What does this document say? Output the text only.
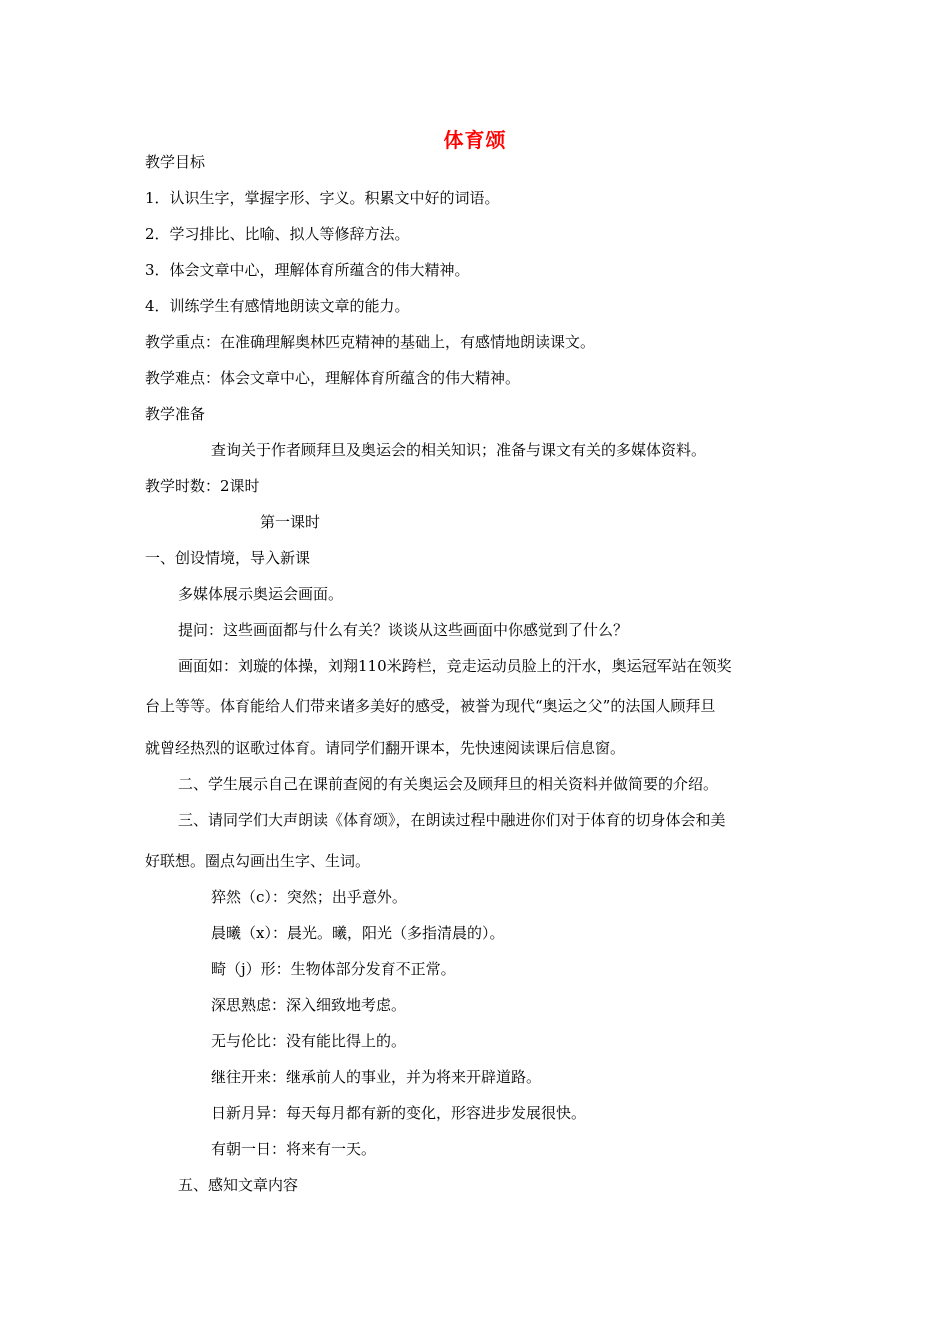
体育颂
教学目标
1．认识生字，掌握字形、字义。积累文中好的词语。
2．学习排比、比喻、拟人等修辞方法。
3．体会文章中心，理解体育所蕴含的伟大精神。
4．训练学生有感情地朗读文章的能力。
教学重点：在准确理解奥林匹克精神的基础上，有感情地朗读课文。
教学难点：体会文章中心，理解体育所蕴含的伟大精神。
教学准备
查询关于作者顾拜旦及奥运会的相关知识；准备与课文有关的多媒体资料。
教学时数：2课时
第一课时
一、创设情境，导入新课
多媒体展示奥运会画面。
提问：这些画面都与什么有关？谈谈从这些画面中你感觉到了什么？
画面如：刘璇的体操，刘翔110米跨栏，竞走运动员脸上的汗水，奥运冠军站在领奖
台上等等。体育能给人们带来诸多美好的感受，被誉为现代“奥运之父”的法国人顾拜旦
就曾经热烈的讴歌过体育。请同学们翻开课本，先快速阅读课后信息窗。
二、学生展示自己在课前查阅的有关奥运会及顾拜旦的相关资料并做简要的介绍。
三、请同学们大声朗读《体育颂》，在朗读过程中融进你们对于体育的切身体会和美
好联想。圈点勾画出生字、生词。
猝然（c）：突然；出乎意外。
晨曦（x）：晨光。曦，阳光（多指清晨的）。
畸（j）形：生物体部分发育不正常。
深思熟虑：深入细致地考虑。
无与伦比：没有能比得上的。
继往开来：继承前人的事业，并为将来开辟道路。
日新月异：每天每月都有新的变化，形容进步发展很快。
有朝一日：将来有一天。
五、感知文章内容
